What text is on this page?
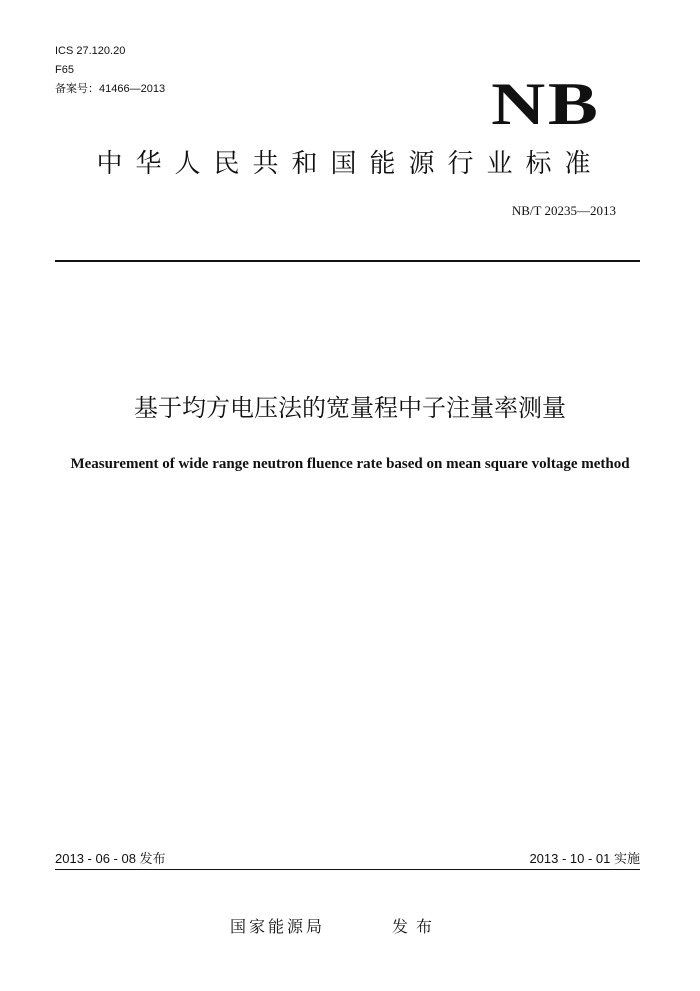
ICS 27.120.20
F65
备案号：41466—2013	NB
中华人民共和国能源行业标准
NB/T 20235—2013
基于均方电压法的宽量程中子注量率测量
Measurement of wide range neutron fluence rate based on mean square voltage method
2013 - 06 - 08 发布	2013 - 10 - 01 实施
国家能源局	发布
